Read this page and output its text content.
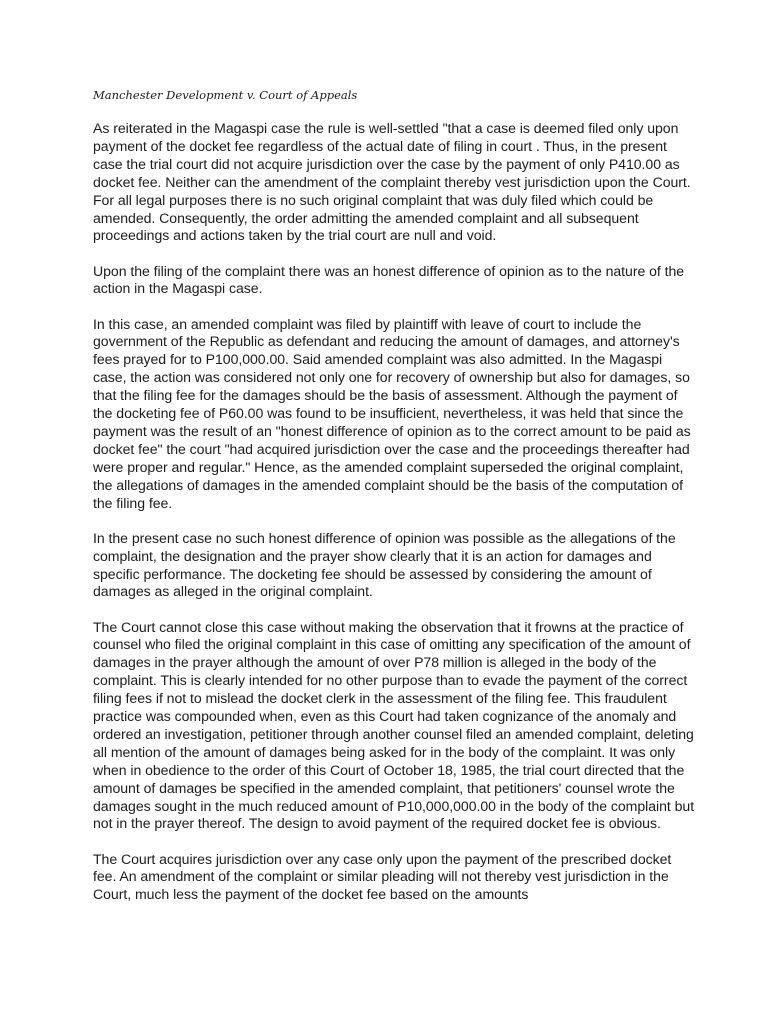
Manchester Development v. Court of Appeals

As reiterated in the Magaspi case the rule is well-settled "that a case is deemed filed only upon payment of the docket fee regardless of the actual date of filing in court . Thus, in the present case the trial court did not acquire jurisdiction over the case by the payment of only P410.00 as docket fee. Neither can the amendment of the complaint thereby vest jurisdiction upon the Court. For all legal purposes there is no such original complaint that was duly filed which could be amended. Consequently, the order admitting the amended complaint and all subsequent proceedings and actions taken by the trial court are null and void.

Upon the filing of the complaint there was an honest difference of opinion as to the nature of the action in the Magaspi case.

In this case, an amended complaint was filed by plaintiff with leave of court to include the government of the Republic as defendant and reducing the amount of damages, and attorney's fees prayed for to P100,000.00. Said amended complaint was also admitted. In the Magaspi case, the action was considered not only one for recovery of ownership but also for damages, so that the filing fee for the damages should be the basis of assessment. Although the payment of the docketing fee of P60.00 was found to be insufficient, nevertheless, it was held that since the payment was the result of an "honest difference of opinion as to the correct amount to be paid as docket fee" the court "had acquired jurisdiction over the case and the proceedings thereafter had were proper and regular." Hence, as the amended complaint superseded the original complaint, the allegations of damages in the amended complaint should be the basis of the computation of the filing fee.

In the present case no such honest difference of opinion was possible as the allegations of the complaint, the designation and the prayer show clearly that it is an action for damages and specific performance. The docketing fee should be assessed by considering the amount of damages as alleged in the original complaint.

The Court cannot close this case without making the observation that it frowns at the practice of counsel who filed the original complaint in this case of omitting any specification of the amount of damages in the prayer although the amount of over P78 million is alleged in the body of the complaint. This is clearly intended for no other purpose than to evade the payment of the correct filing fees if not to mislead the docket clerk in the assessment of the filing fee. This fraudulent practice was compounded when, even as this Court had taken cognizance of the anomaly and ordered an investigation, petitioner through another counsel filed an amended complaint, deleting all mention of the amount of damages being asked for in the body of the complaint. It was only when in obedience to the order of this Court of October 18, 1985, the trial court directed that the amount of damages be specified in the amended complaint, that petitioners' counsel wrote the damages sought in the much reduced amount of P10,000,000.00 in the body of the complaint but not in the prayer thereof. The design to avoid payment of the required docket fee is obvious.

The Court acquires jurisdiction over any case only upon the payment of the prescribed docket fee. An amendment of the complaint or similar pleading will not thereby vest jurisdiction in the Court, much less the payment of the docket fee based on the amounts
